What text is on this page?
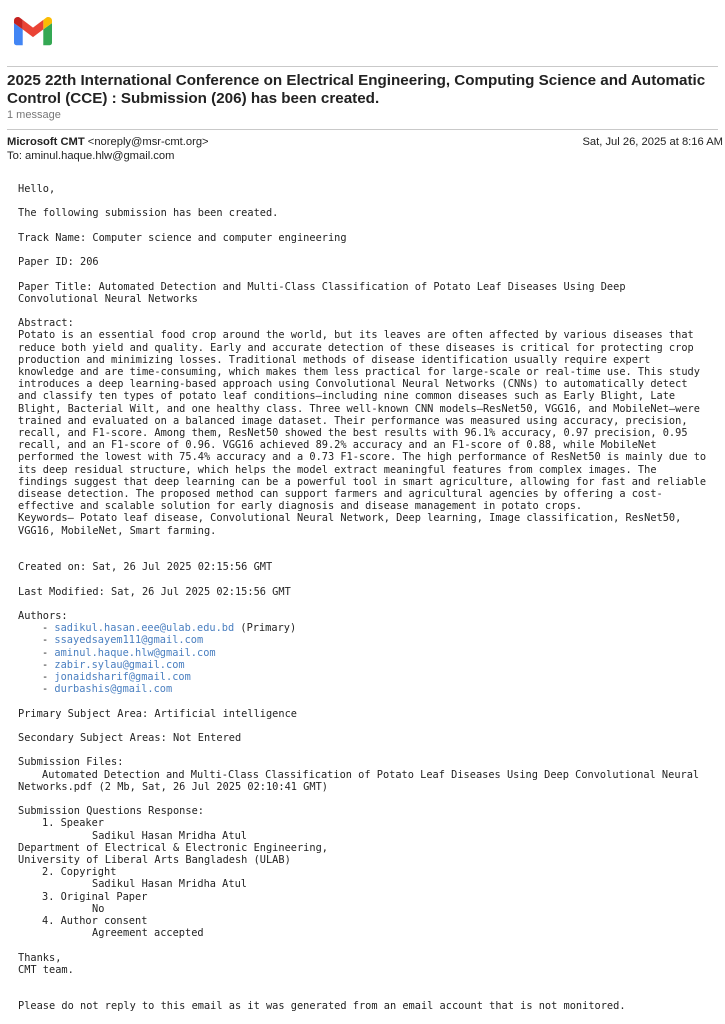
2025 22th International Conference on Electrical Engineering, Computing Science and Automatic Control (CCE) : Submission (206) has been created.
1 message
Microsoft CMT <noreply@msr-cmt.org>	Sat, Jul 26, 2025 at 8:16 AM
To: aminul.haque.hlw@gmail.com
Hello,
The following submission has been created.
Track Name: Computer science and computer engineering
Paper ID: 206
Paper Title: Automated Detection and Multi-Class Classification of Potato Leaf Diseases Using Deep
Convolutional Neural Networks
Abstract:
Potato is an essential food crop around the world, but its leaves are often affected by various diseases that
reduce both yield and quality. Early and accurate detection of these diseases is critical for protecting crop
production and minimizing losses. Traditional methods of disease identification usually require expert
knowledge and are time-consuming, which makes them less practical for large-scale or real-time use. This study
introduces a deep learning-based approach using Convolutional Neural Networks (CNNs) to automatically detect
and classify ten types of potato leaf conditions—including nine common diseases such as Early Blight, Late
Blight, Bacterial Wilt, and one healthy class. Three well-known CNN models—ResNet50, VGG16, and MobileNet—were
trained and evaluated on a balanced image dataset. Their performance was measured using accuracy, precision,
recall, and F1-score. Among them, ResNet50 showed the best results with 96.1% accuracy, 0.97 precision, 0.95
recall, and an F1-score of 0.96. VGG16 achieved 89.2% accuracy and an F1-score of 0.88, while MobileNet
performed the lowest with 75.4% accuracy and a 0.73 F1-score. The high performance of ResNet50 is mainly due to
its deep residual structure, which helps the model extract meaningful features from complex images. The
findings suggest that deep learning can be a powerful tool in smart agriculture, allowing for fast and reliable
disease detection. The proposed method can support farmers and agricultural agencies by offering a cost-
effective and scalable solution for early diagnosis and disease management in potato crops.
Keywords— Potato leaf disease, Convolutional Neural Network, Deep learning, Image classification, ResNet50,
VGG16, MobileNet, Smart farming.
Created on: Sat, 26 Jul 2025 02:15:56 GMT
Last Modified: Sat, 26 Jul 2025 02:15:56 GMT
Authors:
- sadikul.hasan.eee@ulab.edu.bd (Primary)
- ssayedsayem111@gmail.com
- aminul.haque.hlw@gmail.com
- zabir.sylau@gmail.com
- jonaidsharif@gmail.com
- durbashis@gmail.com
Primary Subject Area: Artificial intelligence
Secondary Subject Areas: Not Entered
Submission Files:
Automated Detection and Multi-Class Classification of Potato Leaf Diseases Using Deep Convolutional Neural
Networks.pdf (2 Mb, Sat, 26 Jul 2025 02:10:41 GMT)
Submission Questions Response:
1. Speaker
Sadikul Hasan Mridha Atul
Department of Electrical & Electronic Engineering,
University of Liberal Arts Bangladesh (ULAB)
2. Copyright
Sadikul Hasan Mridha Atul
3. Original Paper
No
4. Author consent
Agreement accepted
Thanks,
CMT team.
Please do not reply to this email as it was generated from an email account that is not monitored.
